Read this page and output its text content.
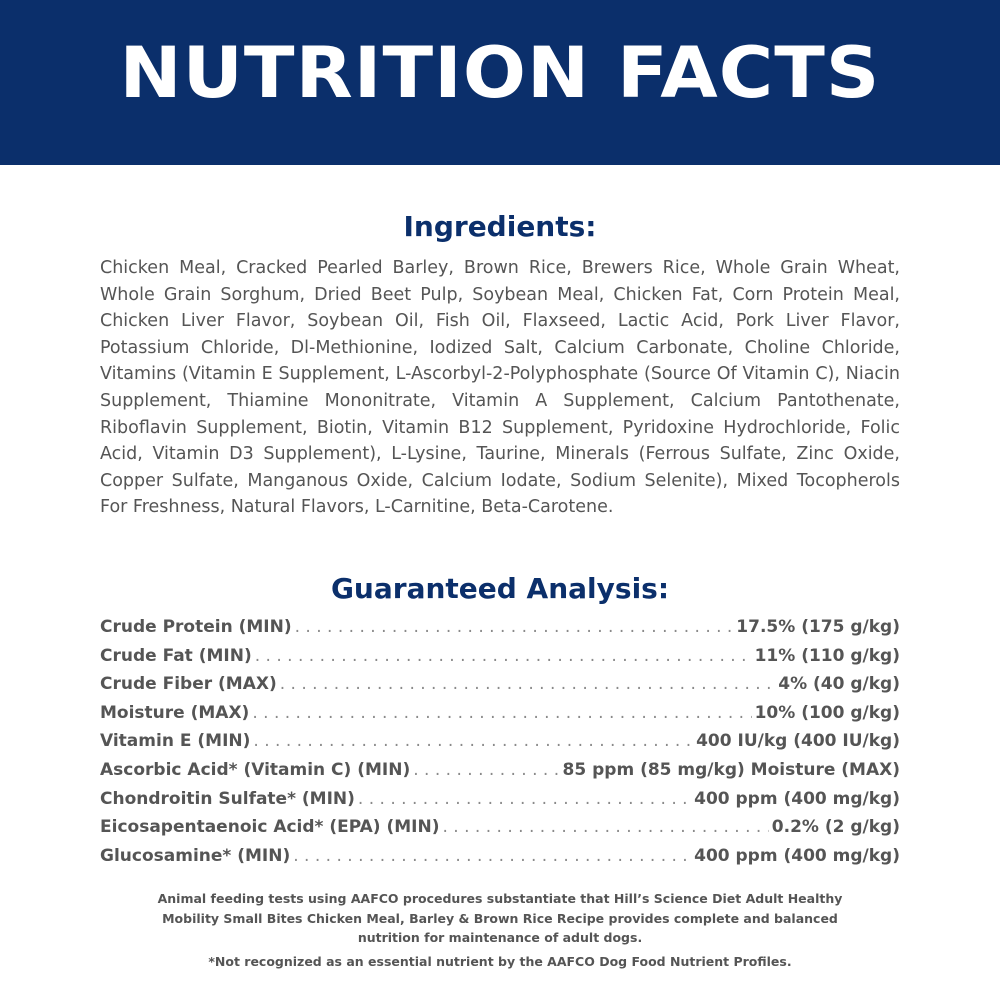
NUTRITION FACTS
Ingredients:

Chicken Meal, Cracked Pearled Barley, Brown Rice, Brewers Rice, Whole Grain Wheat, Whole Grain Sorghum, Dried Beet Pulp, Soybean Meal, Chicken Fat, Corn Protein Meal, Chicken Liver Flavor, Soybean Oil, Fish Oil, Flaxseed, Lactic Acid, Pork Liver Flavor, Potassium Chloride, Dl-Methionine, Iodized Salt, Calcium Carbonate, Choline Chloride, Vitamins (Vitamin E Supplement, L-Ascorbyl-2-Polyphosphate (Source Of Vitamin C), Niacin Supplement, Thiamine Mononitrate, Vitamin A Supplement, Calcium Pantothenate, Riboflavin Supplement, Biotin, Vitamin B12 Supplement, Pyridoxine Hydrochloride, Folic Acid, Vitamin D3 Supplement), L-Lysine, Taurine, Minerals (Ferrous Sulfate, Zinc Oxide, Copper Sulfate, Manganous Oxide, Calcium Iodate, Sodium Selenite), Mixed Tocopherols For Freshness, Natural Flavors, L-Carnitine, Beta-Carotene.

Guaranteed Analysis:
Crude Protein (MIN) . . .	17.5% (175 g/kg)
Crude Fat (MIN) . . .	11% (110 g/kg)
Crude Fiber (MAX) . . .	4% (40 g/kg)
Moisture (MAX) . . .	10% (100 g/kg)
Vitamin E (MIN) . . .	400 IU/kg (400 IU/kg)
Ascorbic Acid* (Vitamin C) (MIN) . . .	85 ppm (85 mg/kg) Moisture (MAX)
Chondroitin Sulfate* (MIN) . . .	400 ppm (400 mg/kg)
Eicosapentaenoic Acid* (EPA) (MIN) . . .	0.2% (2 g/kg)
Glucosamine* (MIN) . . .	400 ppm (400 mg/kg)

Animal feeding tests using AAFCO procedures substantiate that Hill’s Science Diet Adult Healthy Mobility Small Bites Chicken Meal, Barley & Brown Rice Recipe provides complete and balanced nutrition for maintenance of adult dogs.

*Not recognized as an essential nutrient by the AAFCO Dog Food Nutrient Profiles.
